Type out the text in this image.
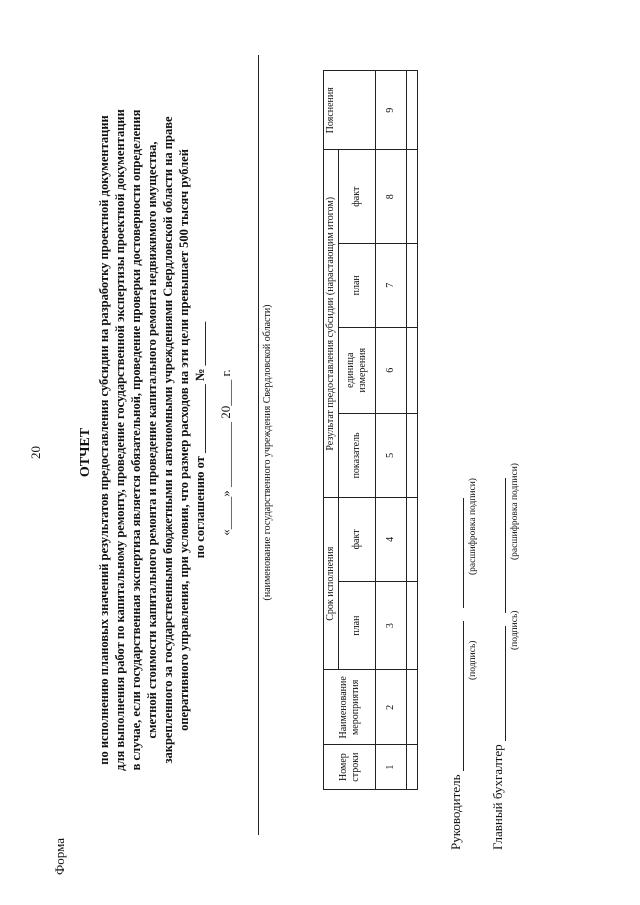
20
Форма
ОТЧЕТ по исполнению плановых значений результатов предоставления субсидии на разработку проектной документации для выполнения работ по капитальному ремонту, проведение государственной экспертизы проектной документации в случае, если государственная экспертиза является обязательной, проведение проверки достоверности определения сметной стоимости капитального ремонта и проведение капитального ремонта недвижимого имущества, закрепленного за государственными бюджетными и автономными учреждениями Свердловской области на праве оперативного управления, при условии, что размер расходов на эти цели превышает 500 тысяч рублей по соглашению от ___________ № _______ «_____» __________ 20____ г.	(наименование государственного учреждения Свердловской области)
Номер строки	Наименование мероприятия	Срок исполнения		Результат предоставления субсидии (нарастающим итогом)				Пояснения
		план	факт	показатель	единица измерения	план	факт	
1	2	3	4	5	6	7	8	9

Руководитель
(подпись)
(расшифровка подписи)
Главный бухгалтер
(подпись)
(расшифровка подписи)
